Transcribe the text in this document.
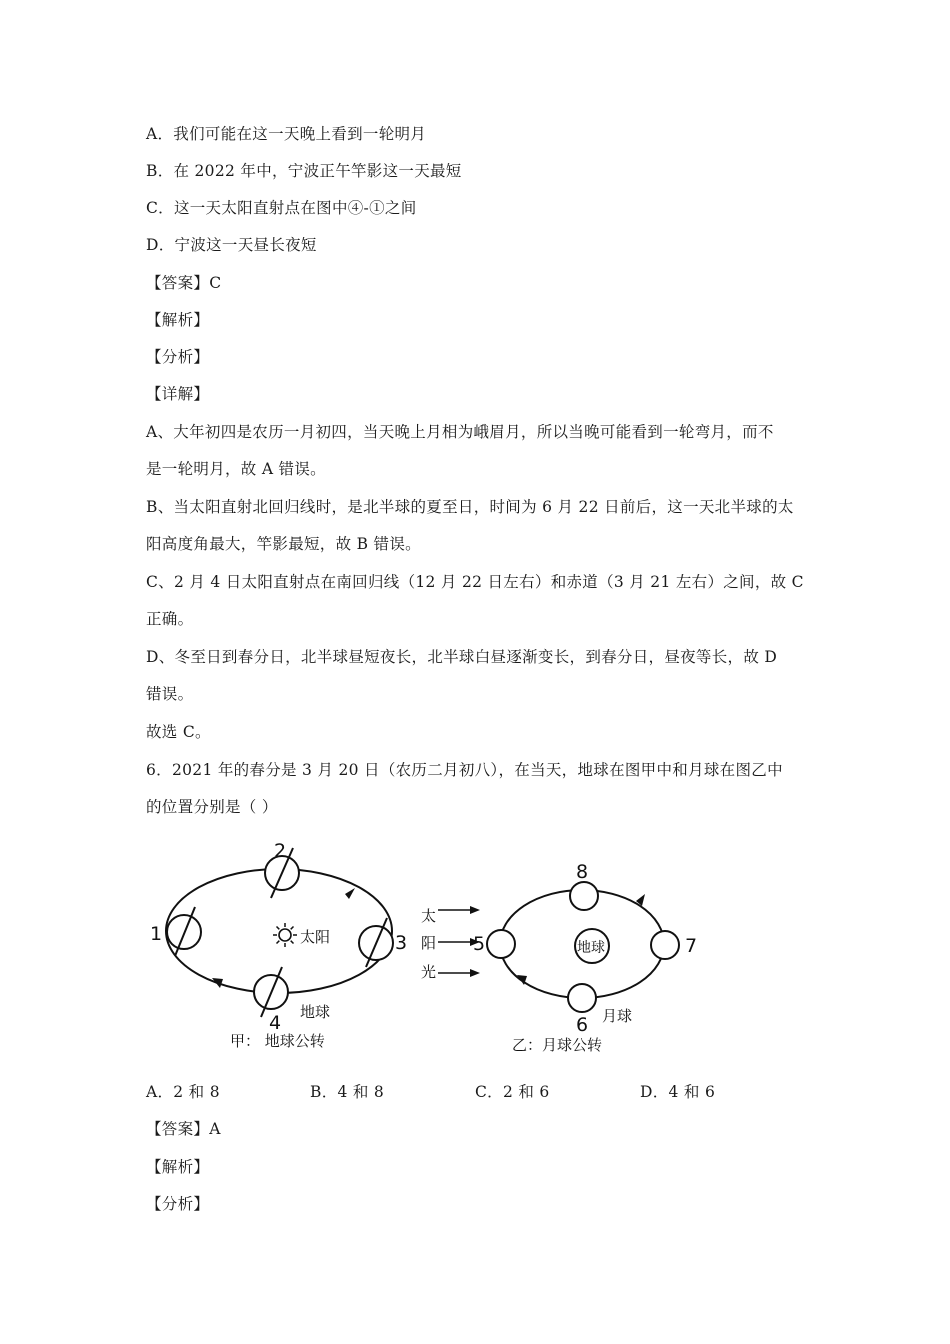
A．我们可能在这一天晚上看到一轮明月
B．在 2022 年中，宁波正午竿影这一天最短
C．这一天太阳直射点在图中④-①之间
D．宁波这一天昼长夜短
【答案】C
【解析】
【分析】
【详解】
A、大年初四是农历一月初四，当天晚上月相为峨眉月，所以当晚可能看到一轮弯月，而不
是一轮明月，故 A 错误。
B、当太阳直射北回归线时，是北半球的夏至日，时间为 6 月 22 日前后，这一天北半球的太
阳高度角最大，竿影最短，故 B 错误。
C、2 月 4 日太阳直射点在南回归线（12 月 22 日左右）和赤道（3 月 21 左右）之间，故 C
正确。
D、冬至日到春分日，北半球昼短夜长，北半球白昼逐渐变长，到春分日，昼夜等长，故 D
错误。
故选 C。
6．2021 年的春分是 3 月 20 日（农历二月初八），在当天，地球在图甲中和月球在图乙中
的位置分别是（ ）
1
2
3
4
太阳
地球
甲： 地球公转
太
阳
光
地球
5
6
7
8
月球
乙：月球公转
A．2 和 8	B．4 和 8	C．2 和 6	D．4 和 6
【答案】A
【解析】
【分析】
